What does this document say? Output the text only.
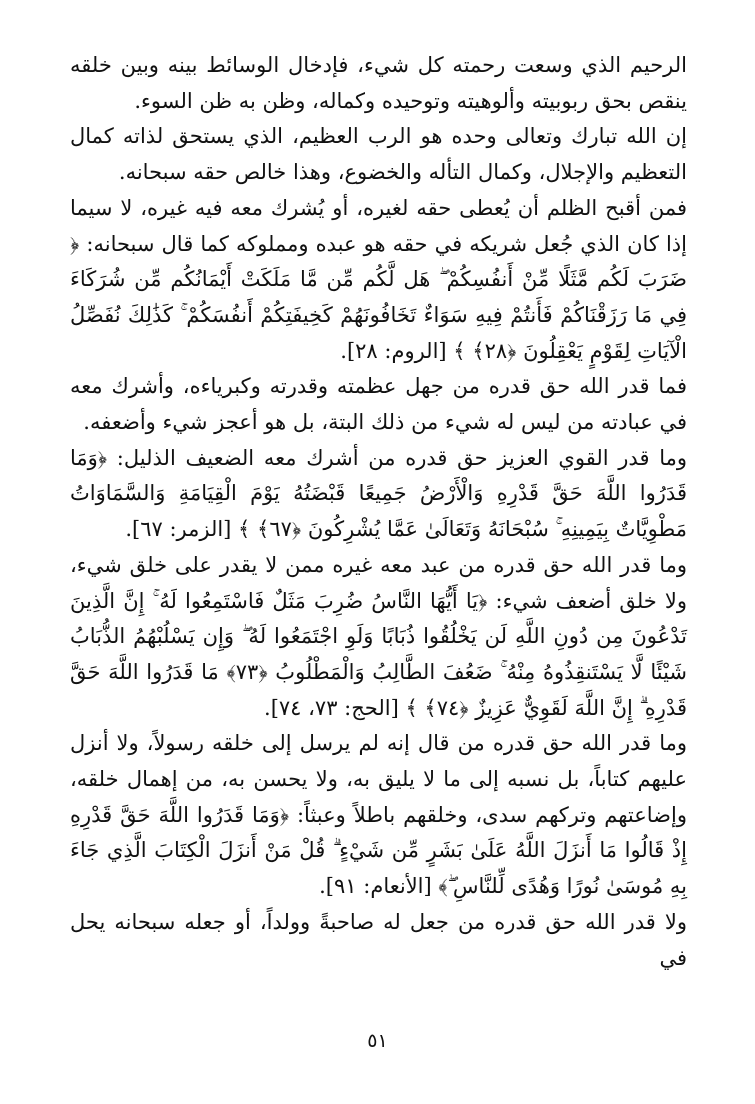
الرحيم الذي وسعت رحمته كل شيء، فإدخال الوسائط بينه وبين خلقه ينقص بحق ربوبيته وألوهيته وتوحيده وكماله، وظن به ظن السوء.

إن الله تبارك وتعالى وحده هو الرب العظيم، الذي يستحق لذاته كمال التعظيم والإجلال، وكمال التأله والخضوع، وهذا خالص حقه سبحانه.

فمن أقبح الظلم أن يُعطى حقه لغيره، أو يُشرك معه فيه غيره، لا سيما إذا كان الذي جُعل شريكه في حقه هو عبده ومملوكه كما قال سبحانه: ﴿ ضَرَبَ لَكُم مَّثَلًا مِّنْ أَنفُسِكُمْ ۖ هَل لَّكُم مِّن مَّا مَلَكَتْ أَيْمَانُكُم مِّن شُرَكَاءَ فِي مَا رَزَقْنَاكُمْ فَأَنتُمْ فِيهِ سَوَاءٌ تَخَافُونَهُمْ كَخِيفَتِكُمْ أَنفُسَكُمْ ۚ كَذَٰلِكَ نُفَصِّلُ الْآيَاتِ لِقَوْمٍ يَعْقِلُونَ ﴿٢٨﴾ ﴾ [الروم: ٢٨].

فما قدر الله حق قدره من جهل عظمته وقدرته وكبرياءه، وأشرك معه في عبادته من ليس له شيء من ذلك البتة، بل هو أعجز شيء وأضعفه.

وما قدر القوي العزيز حق قدره من أشرك معه الضعيف الذليل: ﴿وَمَا قَدَرُوا اللَّهَ حَقَّ قَدْرِهِ وَالْأَرْضُ جَمِيعًا قَبْضَتُهُ يَوْمَ الْقِيَامَةِ وَالسَّمَاوَاتُ مَطْوِيَّاتٌ بِيَمِينِهِ ۚ سُبْحَانَهُ وَتَعَالَىٰ عَمَّا يُشْرِكُونَ ﴿٦٧﴾ ﴾ [الزمر: ٦٧].

وما قدر الله حق قدره من عبد معه غيره ممن لا يقدر على خلق شيء، ولا خلق أضعف شيء: ﴿يَا أَيُّهَا النَّاسُ ضُرِبَ مَثَلٌ فَاسْتَمِعُوا لَهُ ۚ إِنَّ الَّذِينَ تَدْعُونَ مِن دُونِ اللَّهِ لَن يَخْلُقُوا ذُبَابًا وَلَوِ اجْتَمَعُوا لَهُ ۖ وَإِن يَسْلُبْهُمُ الذُّبَابُ شَيْئًا لَّا يَسْتَنقِذُوهُ مِنْهُ ۚ ضَعُفَ الطَّالِبُ وَالْمَطْلُوبُ ﴿٧٣﴾ مَا قَدَرُوا اللَّهَ حَقَّ قَدْرِهِ ۗ إِنَّ اللَّهَ لَقَوِيٌّ عَزِيزٌ ﴿٧٤﴾ ﴾ [الحج: ٧٣، ٧٤].

وما قدر الله حق قدره من قال إنه لم يرسل إلى خلقه رسولاً، ولا أنزل عليهم كتاباً، بل نسبه إلى ما لا يليق به، ولا يحسن به، من إهمال خلقه، وإضاعتهم وتركهم سدى، وخلقهم باطلاً وعبثاً: ﴿وَمَا قَدَرُوا اللَّهَ حَقَّ قَدْرِهِ إِذْ قَالُوا مَا أَنزَلَ اللَّهُ عَلَىٰ بَشَرٍ مِّن شَيْءٍ ۗ قُلْ مَنْ أَنزَلَ الْكِتَابَ الَّذِي جَاءَ بِهِ مُوسَىٰ نُورًا وَهُدًى لِّلنَّاسِ ۖ﴾ [الأنعام: ٩١].

ولا قدر الله حق قدره من جعل له صاحبةً وولداً، أو جعله سبحانه يحل في

٥١
